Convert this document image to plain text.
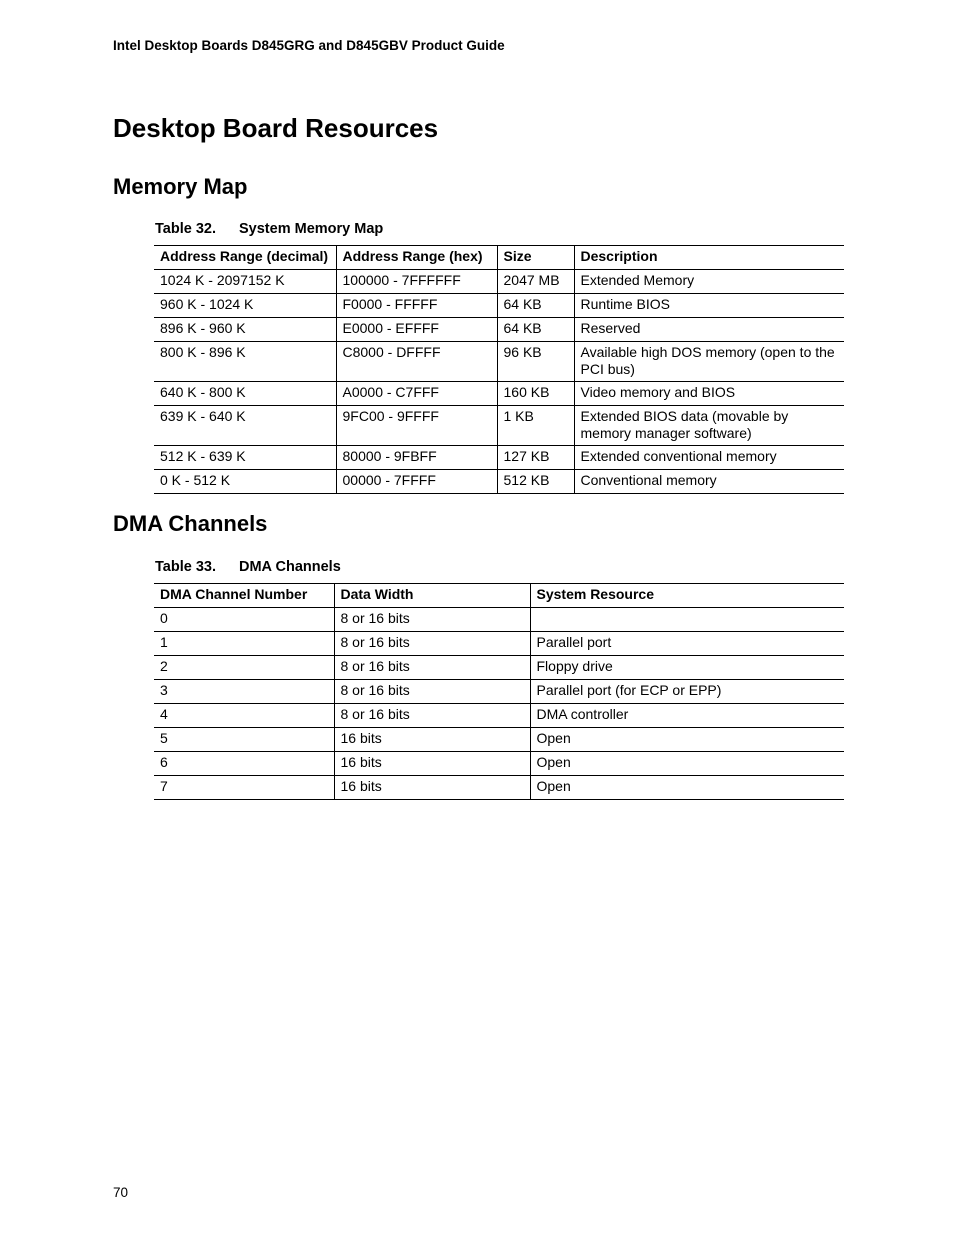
Intel Desktop Boards D845GRG and D845GBV Product Guide
Desktop Board Resources
Memory Map
Table 32. System Memory Map
Address Range (decimal)	Address Range (hex)	Size	Description
1024 K - 2097152 K	100000 - 7FFFFFF	2047 MB	Extended Memory
960 K - 1024 K	F0000 - FFFFF	64 KB	Runtime BIOS
896 K - 960 K	E0000 - EFFFF	64 KB	Reserved
800 K - 896 K	C8000 - DFFFF	96 KB	Available high DOS memory (open to the PCI bus)
640 K - 800 K	A0000 - C7FFF	160 KB	Video memory and BIOS
639 K - 640 K	9FC00 - 9FFFF	1 KB	Extended BIOS data (movable by memory manager software)
512 K - 639 K	80000 - 9FBFF	127 KB	Extended conventional memory
0 K - 512 K	00000 - 7FFFF	512 KB	Conventional memory
DMA Channels
Table 33. DMA Channels
DMA Channel Number	Data Width	System Resource
0	8 or 16 bits	
1	8 or 16 bits	Parallel port
2	8 or 16 bits	Floppy drive
3	8 or 16 bits	Parallel port (for ECP or EPP)
4	8 or 16 bits	DMA controller
5	16 bits	Open
6	16 bits	Open
7	16 bits	Open
70
